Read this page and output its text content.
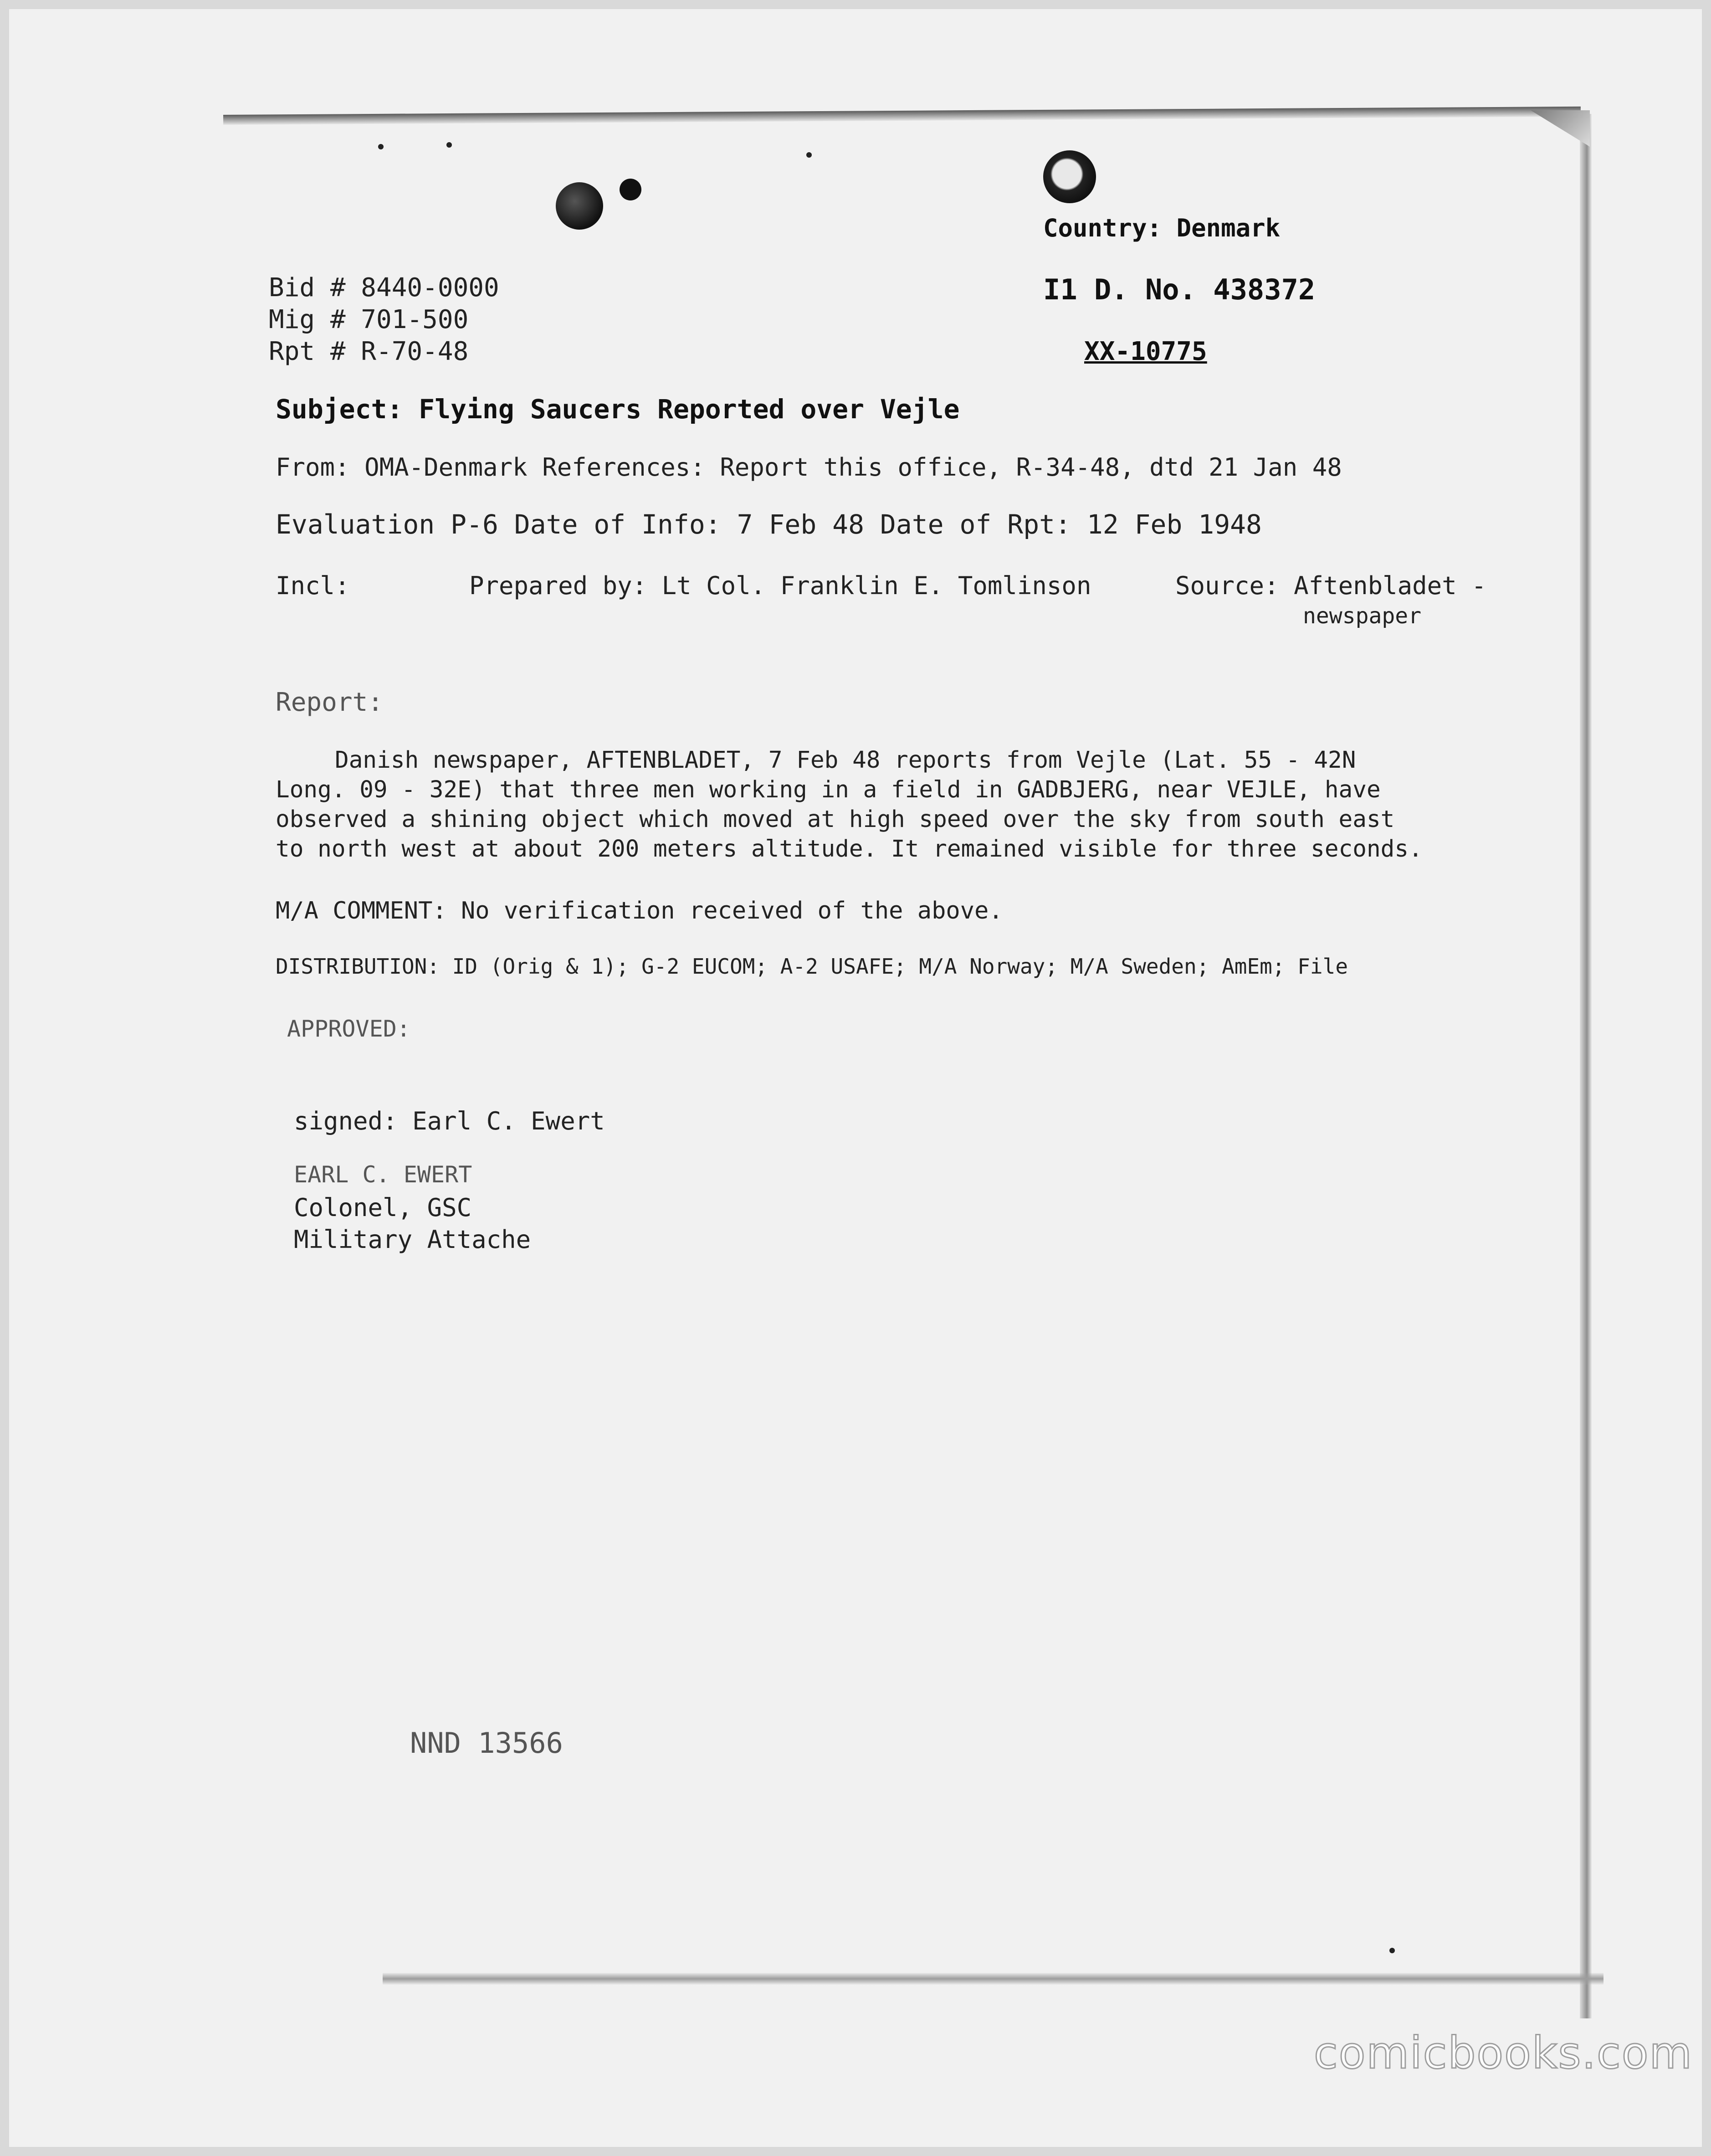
Country: Denmark
I1 D. No. 438372
XX-10775
Bid # 8440-0000
Mig # 701-500
Rpt # R-70-48
Subject: Flying Saucers Reported over Vejle
From: OMA-Denmark References: Report this office, R-34-48, dtd 21 Jan 48
Evaluation P-6 Date of Info: 7 Feb 48 Date of Rpt: 12 Feb 1948
Incl:	Prepared by: Lt Col. Franklin E. Tomlinson	Source: Aftenbladet -
newspaper
Report:
Danish newspaper, AFTENBLADET, 7 Feb 48 reports from Vejle (Lat. 55 - 42N
Long. 09 - 32E) that three men working in a field in GADBJERG, near VEJLE, have
observed a shining object which moved at high speed over the sky from south east
to north west at about 200 meters altitude. It remained visible for three seconds.
M/A COMMENT: No verification received of the above.
DISTRIBUTION: ID (Orig & 1); G-2 EUCOM; A-2 USAFE; M/A Norway; M/A Sweden; AmEm; File
APPROVED:
signed: Earl C. Ewert
EARL C. EWERT
Colonel, GSC
Military Attache
NND 13566
comicbooks.com
